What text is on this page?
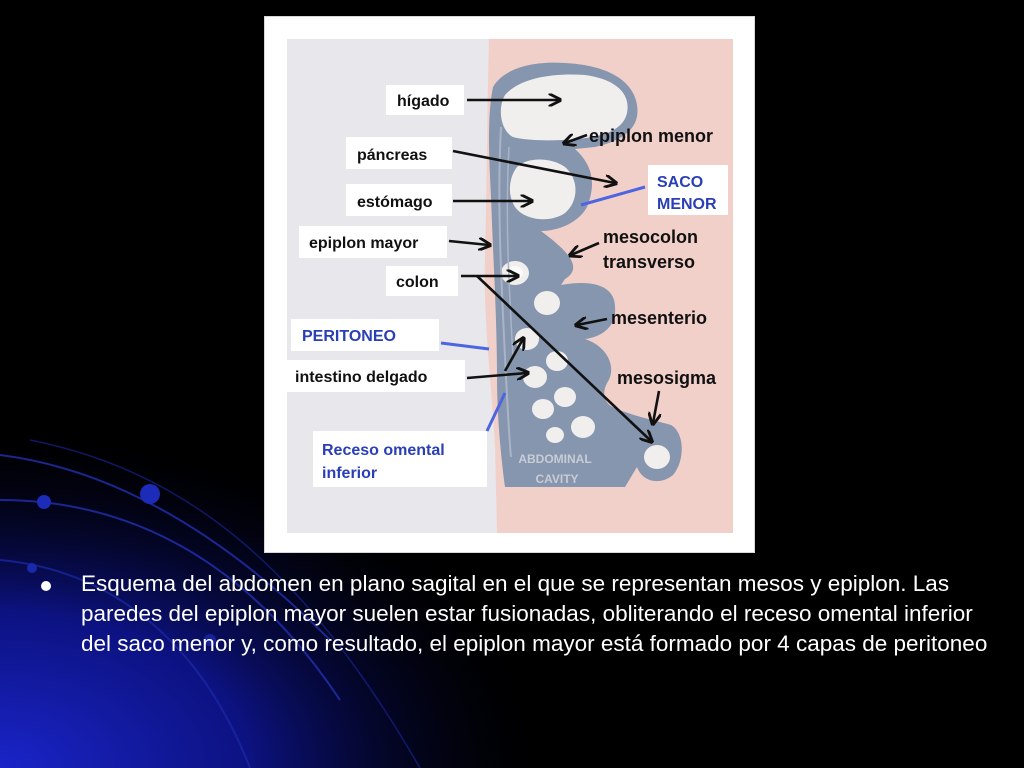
ABDOMINAL
CAVITY
hígado
páncreas
estómago
epiplon mayor
colon
PERITONEO
intestino delgado
Receso omental
inferior
epiplon menor
SACO
MENOR
mesocolon
transverso
mesenterio
mesosigma
Esquema del abdomen en plano sagital en el que se representan mesos y epiplon. Las paredes del epiplon mayor suelen estar fusionadas, obliterando el receso omental inferior del saco menor y, como resultado, el epiplon mayor está formado por 4 capas de peritoneo
